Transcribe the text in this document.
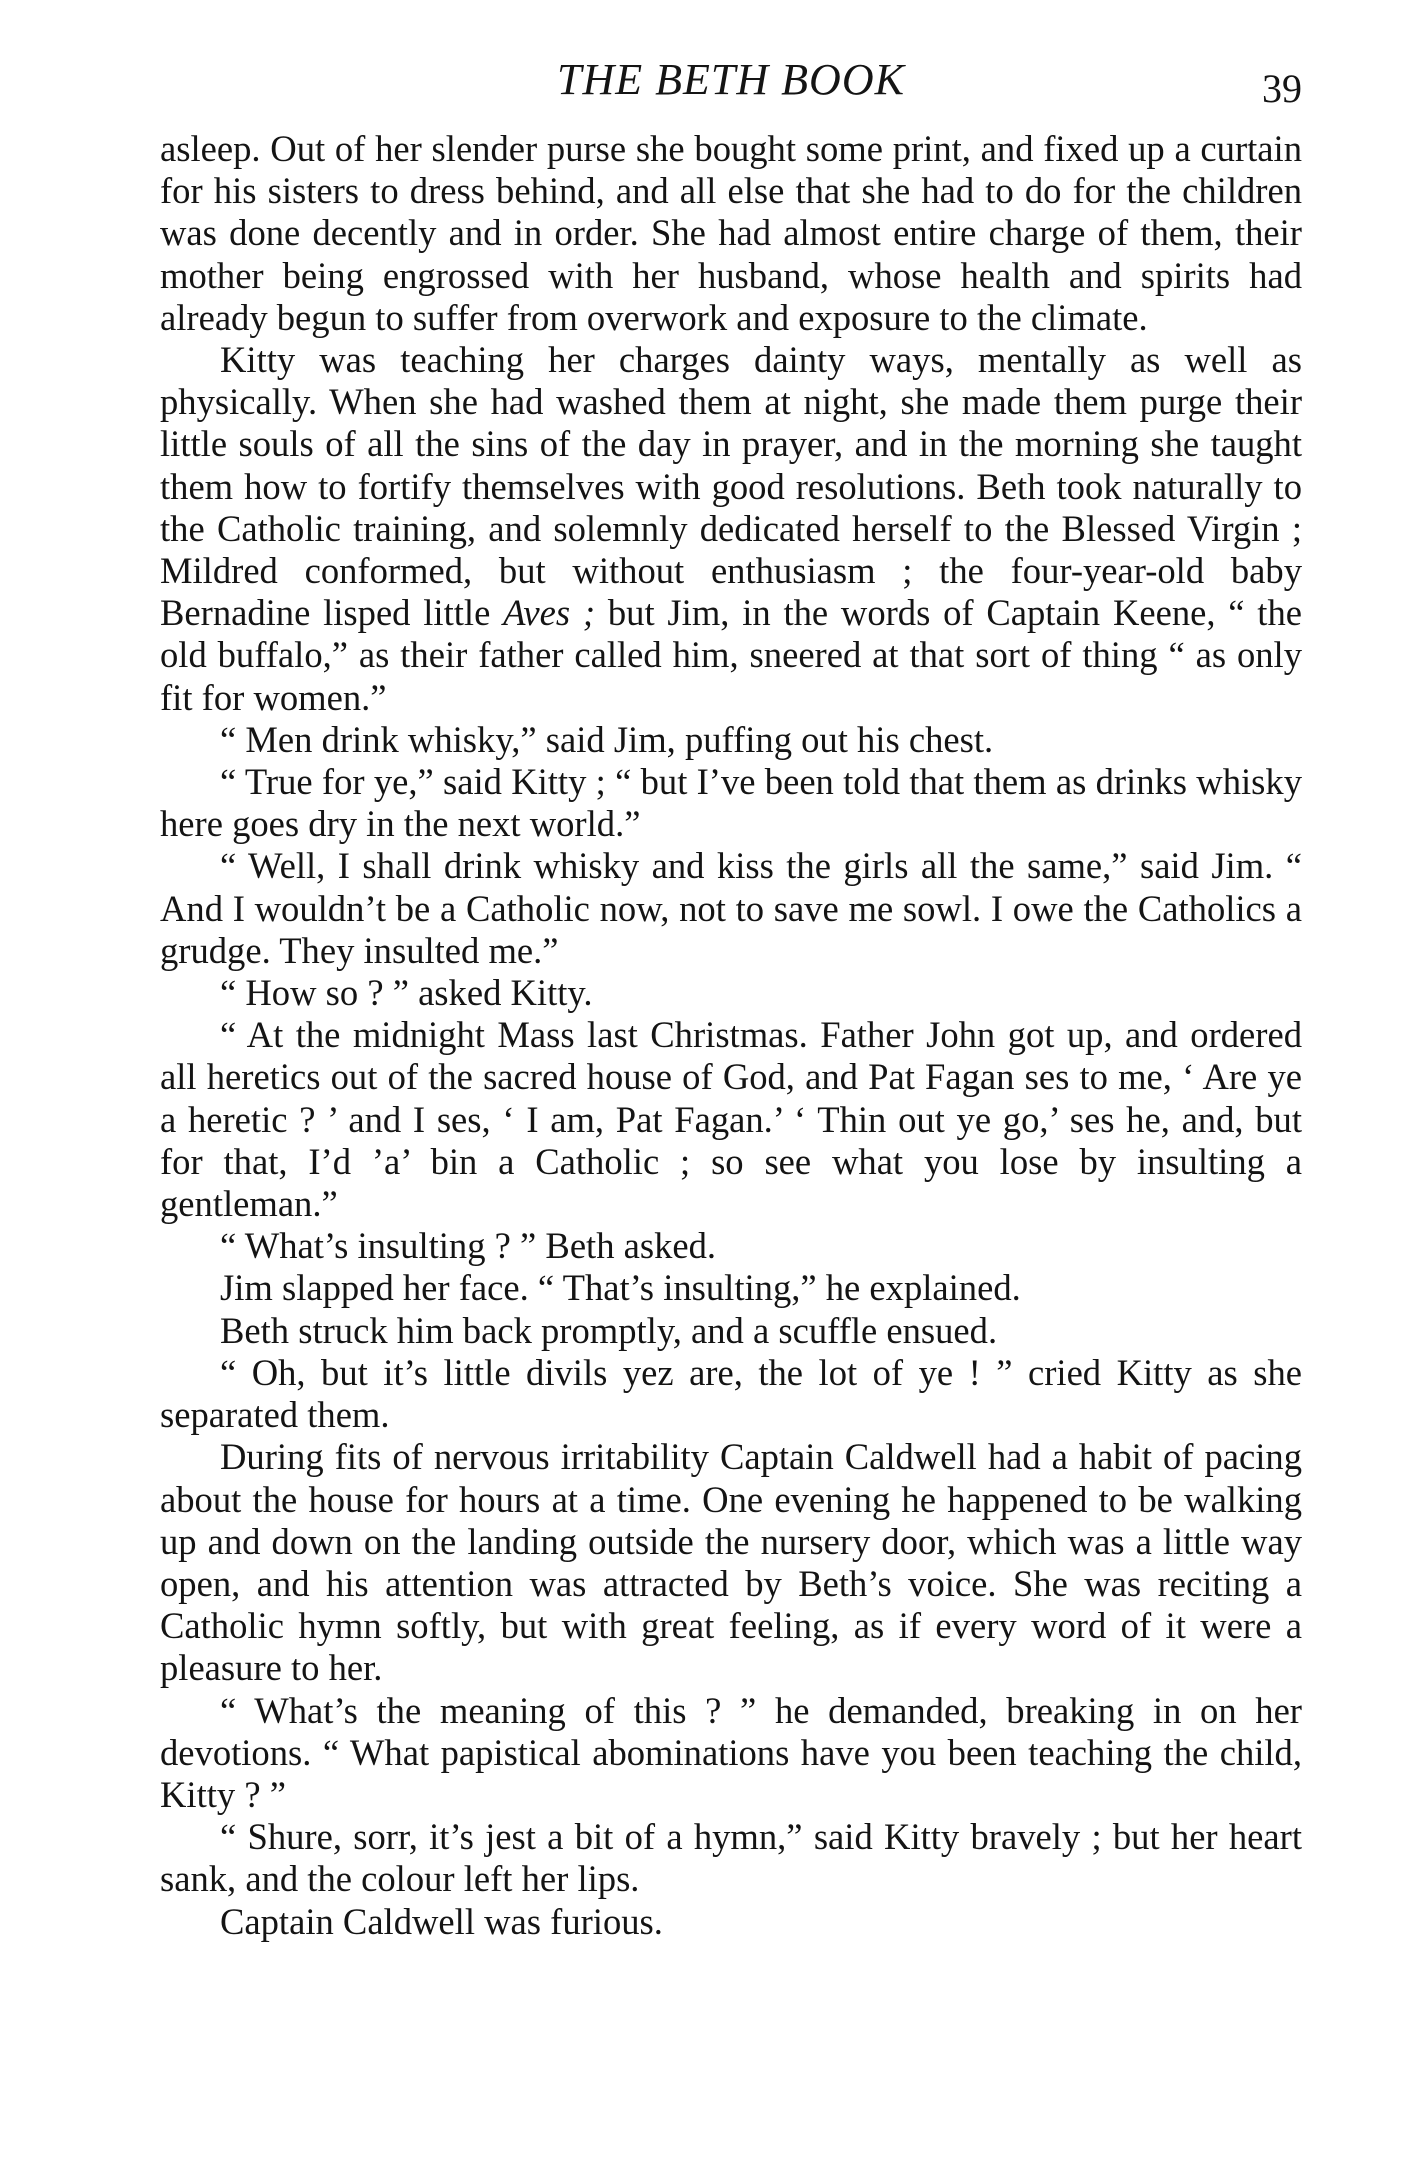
THE BETH BOOK	39

asleep. Out of her slender purse she bought some print, and fixed up a curtain for his sisters to dress behind, and all else that she had to do for the children was done decently and in order. She had almost entire charge of them, their mother being engrossed with her husband, whose health and spirits had already begun to suffer from overwork and exposure to the climate.

Kitty was teaching her charges dainty ways, mentally as well as physically. When she had washed them at night, she made them purge their little souls of all the sins of the day in prayer, and in the morning she taught them how to fortify themselves with good resolutions. Beth took naturally to the Catholic training, and solemnly dedicated herself to the Blessed Virgin ; Mildred conformed, but without enthusiasm ; the four-year-old baby Bernadine lisped little Aves ; but Jim, in the words of Captain Keene, “ the old buffalo,” as their father called him, sneered at that sort of thing “ as only fit for women.”

“ Men drink whisky,” said Jim, puffing out his chest.

“ True for ye,” said Kitty ; “ but I’ve been told that them as drinks whisky here goes dry in the next world.”

“ Well, I shall drink whisky and kiss the girls all the same,” said Jim. “ And I wouldn’t be a Catholic now, not to save me sowl. I owe the Catholics a grudge. They insulted me.”

“ How so ? ” asked Kitty.

“ At the midnight Mass last Christmas. Father John got up, and ordered all heretics out of the sacred house of God, and Pat Fagan ses to me, ‘ Are ye a heretic ? ’ and I ses, ‘ I am, Pat Fagan.’ ‘ Thin out ye go,’ ses he, and, but for that, I’d ’a’ bin a Catholic ; so see what you lose by insulting a gentleman.”

“ What’s insulting ? ” Beth asked.

Jim slapped her face. “ That’s insulting,” he explained.

Beth struck him back promptly, and a scuffle ensued.

“ Oh, but it’s little divils yez are, the lot of ye ! ” cried Kitty as she separated them.

During fits of nervous irritability Captain Caldwell had a habit of pacing about the house for hours at a time. One evening he happened to be walking up and down on the landing outside the nursery door, which was a little way open, and his attention was attracted by Beth’s voice. She was reciting a Catholic hymn softly, but with great feeling, as if every word of it were a pleasure to her.

“ What’s the meaning of this ? ” he demanded, breaking in on her devotions. “ What papistical abominations have you been teaching the child, Kitty ? ”

“ Shure, sorr, it’s jest a bit of a hymn,” said Kitty bravely ; but her heart sank, and the colour left her lips.

Captain Caldwell was furious.
